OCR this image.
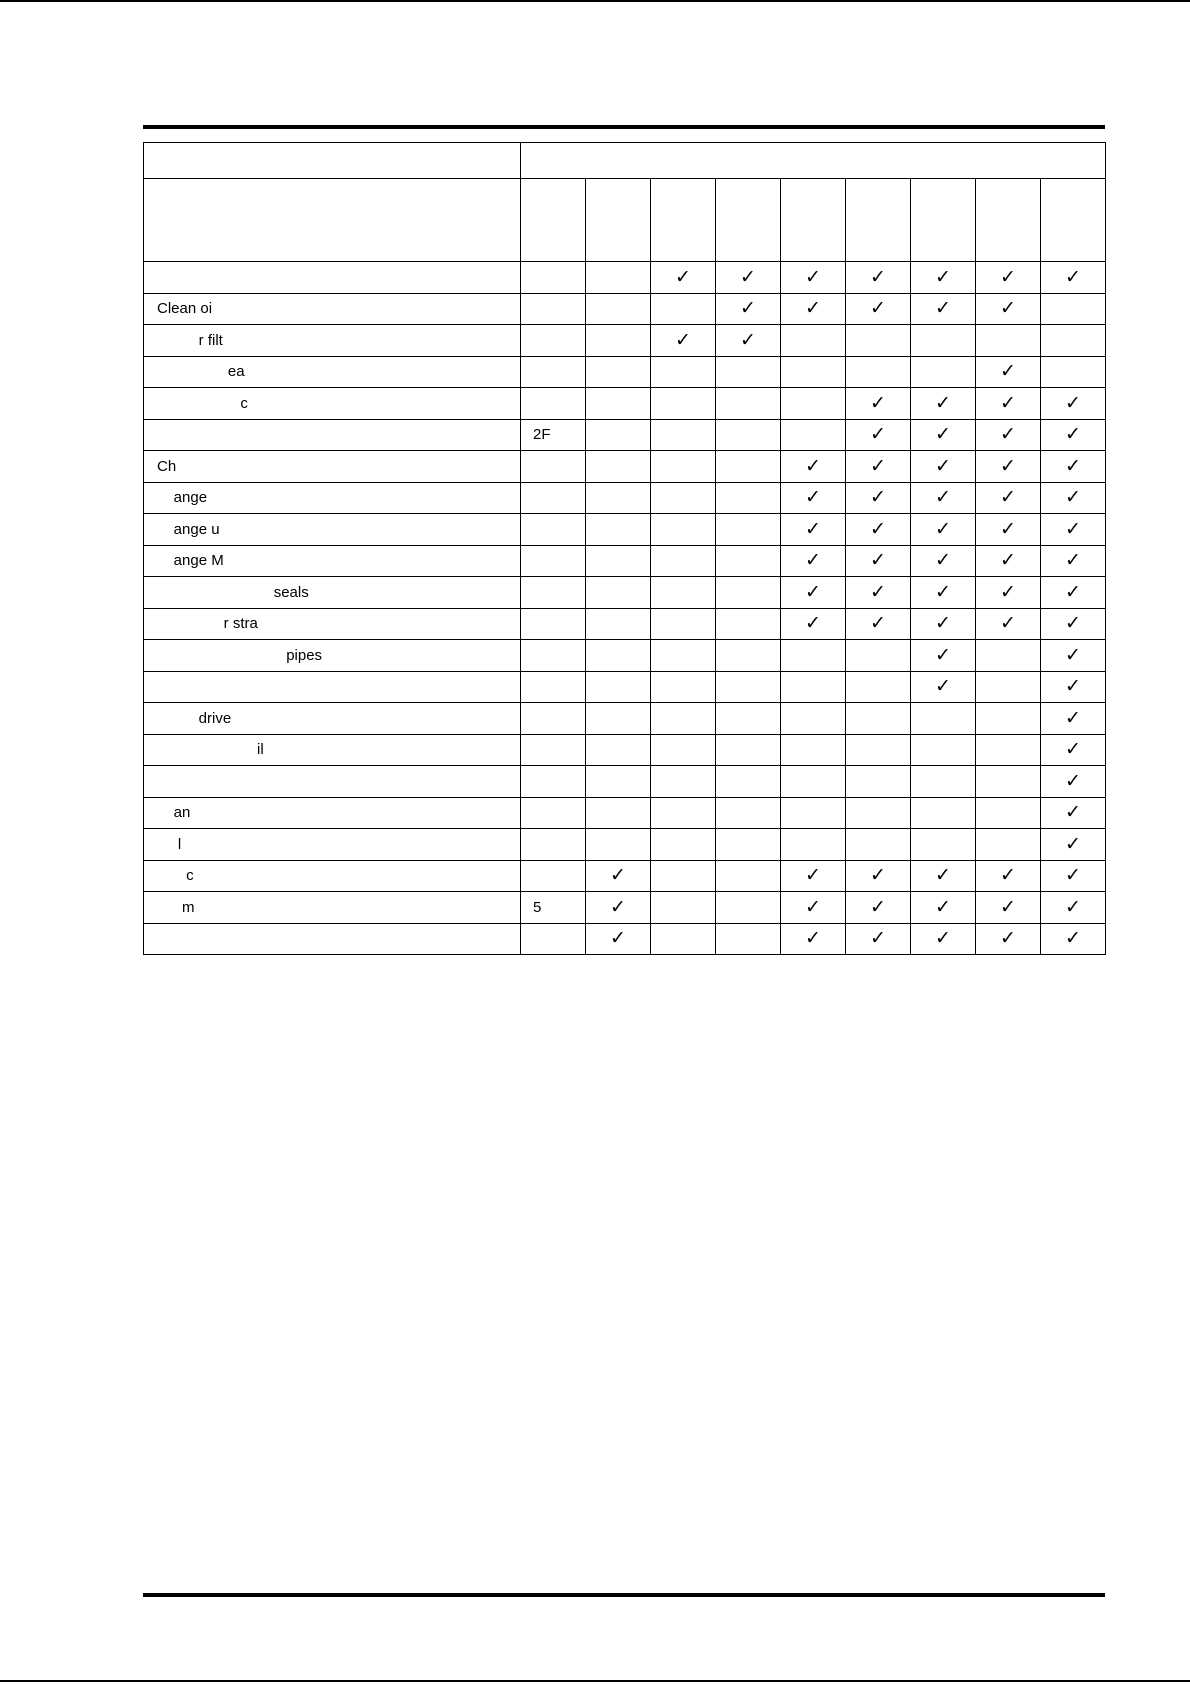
			✓	✓	✓	✓	✓	✓	✓
Clean oi				✓	✓	✓	✓	✓	
r filt			✓	✓					
ea								✓	
c						✓	✓	✓	✓
	2F					✓	✓	✓	✓
Ch					✓	✓	✓	✓	✓
ange					✓	✓	✓	✓	✓
ange u					✓	✓	✓	✓	✓
ange M					✓	✓	✓	✓	✓
seals					✓	✓	✓	✓	✓
r stra					✓	✓	✓	✓	✓
pipes							✓		✓
							✓		✓
drive									✓
il									✓
									✓
an									✓
l									✓
c		✓			✓	✓	✓	✓	✓
m	5	✓			✓	✓	✓	✓	✓
		✓			✓	✓	✓	✓	✓
